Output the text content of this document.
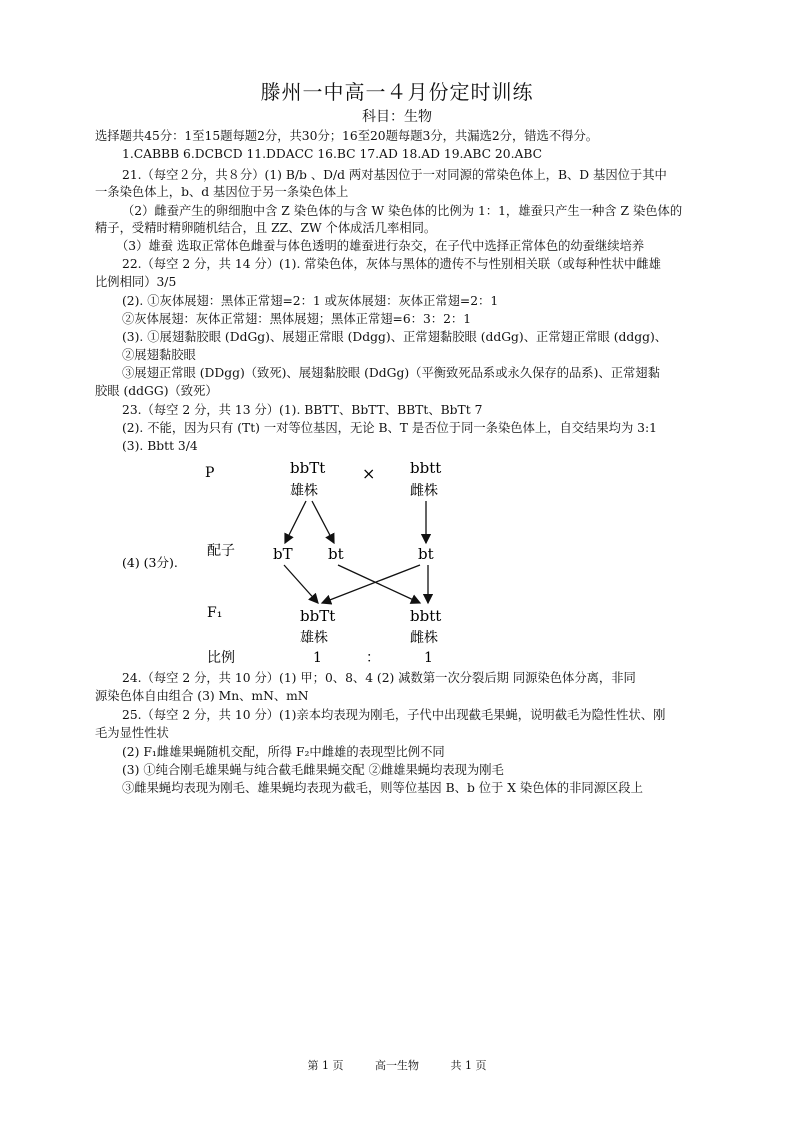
滕州一中高一４月份定时训练
科目：生物
选择题共45分：1至15题每题2分，共30分；16至20题每题3分，共漏选2分，错选不得分。
1.CABBB 6.DCBCD 11.DDACC 16.BC 17.AD 18.AD 19.ABC 20.ABC
21.（每空２分，共８分）(1) B/b 、D/d 两对基因位于一对同源的常染色体上，B、D 基因位于其中
一条染色体上，b、d 基因位于另一条染色体上
（2）雌蚕产生的卵细胞中含 Z 染色体的与含 W 染色体的比例为 1：1，雄蚕只产生一种含 Z 染色体的
精子，受精时精卵随机结合，且 ZZ、ZW 个体成活几率相同。
（3）雄蚕 选取正常体色雌蚕与体色透明的雄蚕进行杂交，在子代中选择正常体色的幼蚕继续培养
22.（每空 2 分，共 14 分）(1). 常染色体，灰体与黑体的遗传不与性别相关联（或每种性状中雌雄
比例相同）3/5
(2). ①灰体展翅：黑体正常翅=2：1 或灰体展翅：灰体正常翅=2：1
②灰体展翅：灰体正常翅：黑体展翅；黑体正常翅=6：3：2：1
(3). ①展翅黏胶眼 (DdGg)、展翅正常眼 (Ddgg)、正常翅黏胶眼 (ddGg)、正常翅正常眼 (ddgg)、
②展翅黏胶眼
③展翅正常眼 (DDgg)（致死)、展翅黏胶眼 (DdGg)（平衡致死品系或永久保存的品系)、正常翅黏
胶眼 (ddGG)（致死）
23.（每空 2 分，共 13 分）(1). BBTT、BbTT、BBTt、BbTt 7
(2). 不能，因为只有 (Tt) 一对等位基因，无论 B、T 是否位于同一条染色体上，自交结果均为 3:1
(3). Bbtt 3/4
P	bbTt
雄株
× bbtt
雌株
(4) (3分).
配子	bT bt	bt
F₁	bbTt
雄株
bbtt
雌株
比例	1	：	1
24.（每空 2 分，共 10 分）(1) 甲；0、8、4 (2) 减数第一次分裂后期 同源染色体分离，非同
源染色体自由组合 (3) Mn、mN、mN
25.（每空 2 分，共 10 分）(1)亲本均表现为刚毛，子代中出现截毛果蝇，说明截毛为隐性性状、刚
毛为显性性状
(2) F₁雌雄果蝇随机交配，所得 F₂中雌雄的表现型比例不同
(3) ①纯合刚毛雄果蝇与纯合截毛雌果蝇交配 ②雌雄果蝇均表现为刚毛
③雌果蝇均表现为刚毛、雄果蝇均表现为截毛，则等位基因 B、b 位于 X 染色体的非同源区段上
第 1 页	高一生物	共 1 页
